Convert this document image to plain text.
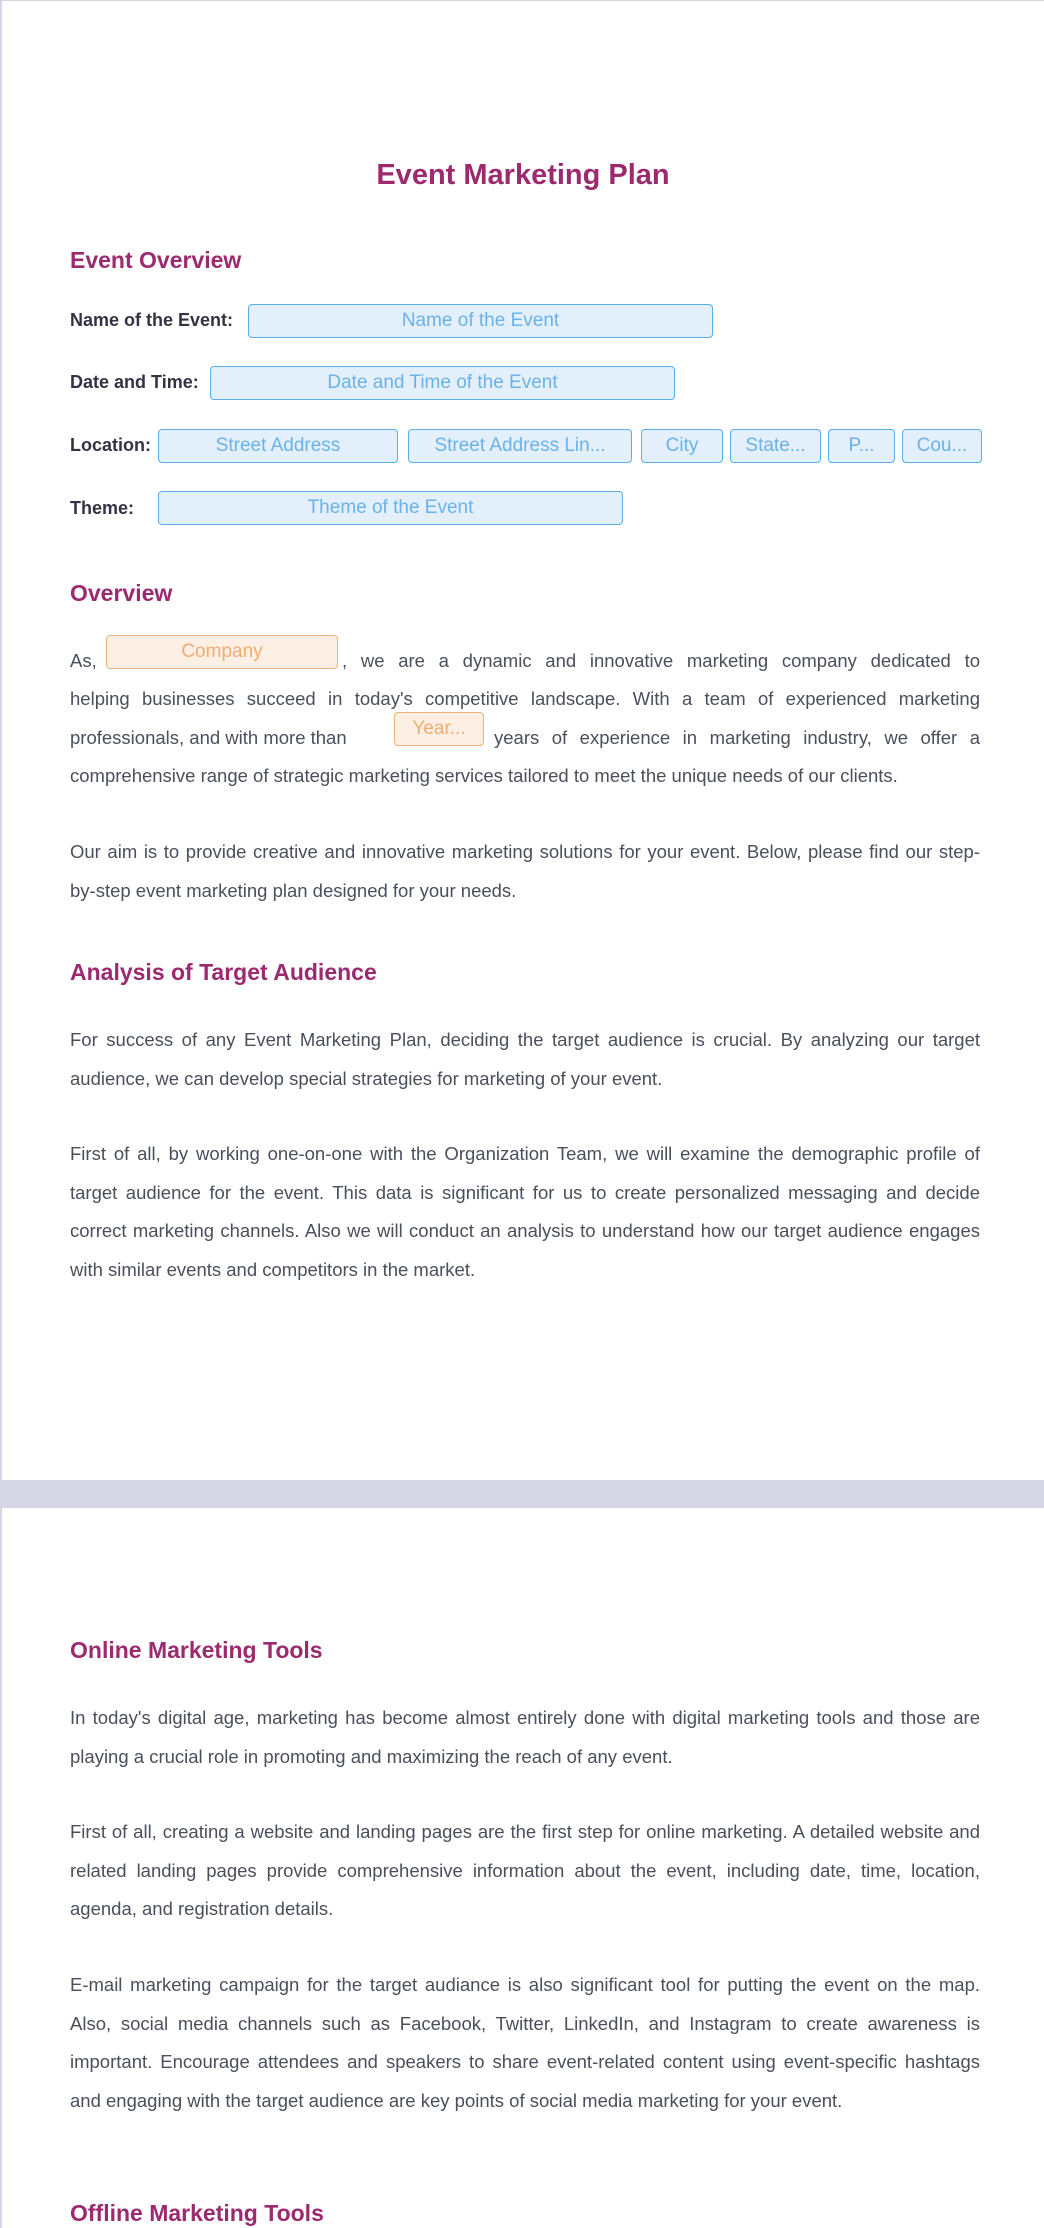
Event Marketing Plan
Event Overview
Name of the Event:	Name of the Event
Date and Time:	Date and Time of the Event
Location:	Street Address	Street Address Lin...	City	State...	P...	Cou...
Theme:	Theme of the Event
Overview
As,	Company	, we are a dynamic and innovative marketing company dedicated to
helping businesses succeed in today's competitive landscape. With a team of experienced marketing
professionals, and with more than	Year...	years of experience in marketing industry, we offer a
comprehensive range of strategic marketing services tailored to meet the unique needs of our clients.
Our aim is to provide creative and innovative marketing solutions for your event. Below, please find our step-by-step event marketing plan designed for your needs.
Analysis of Target Audience
For success of any Event Marketing Plan, deciding the target audience is crucial. By analyzing our target audience, we can develop special strategies for marketing of your event.
First of all, by working one-on-one with the Organization Team, we will examine the demographic profile of target audience for the event. This data is significant for us to create personalized messaging and decide correct marketing channels. Also we will conduct an analysis to understand how our target audience engages with similar events and competitors in the market.
Online Marketing Tools
In today's digital age, marketing has become almost entirely done with digital marketing tools and those are playing a crucial role in promoting and maximizing the reach of any event.
First of all, creating a website and landing pages are the first step for online marketing. A detailed website and related landing pages provide comprehensive information about the event, including date, time, location, agenda, and registration details.
E-mail marketing campaign for the target audiance is also significant tool for putting the event on the map. Also, social media channels such as Facebook, Twitter, LinkedIn, and Instagram to create awareness is important. Encourage attendees and speakers to share event-related content using event-specific hashtags and engaging with the target audience are key points of social media marketing for your event.
Offline Marketing Tools
